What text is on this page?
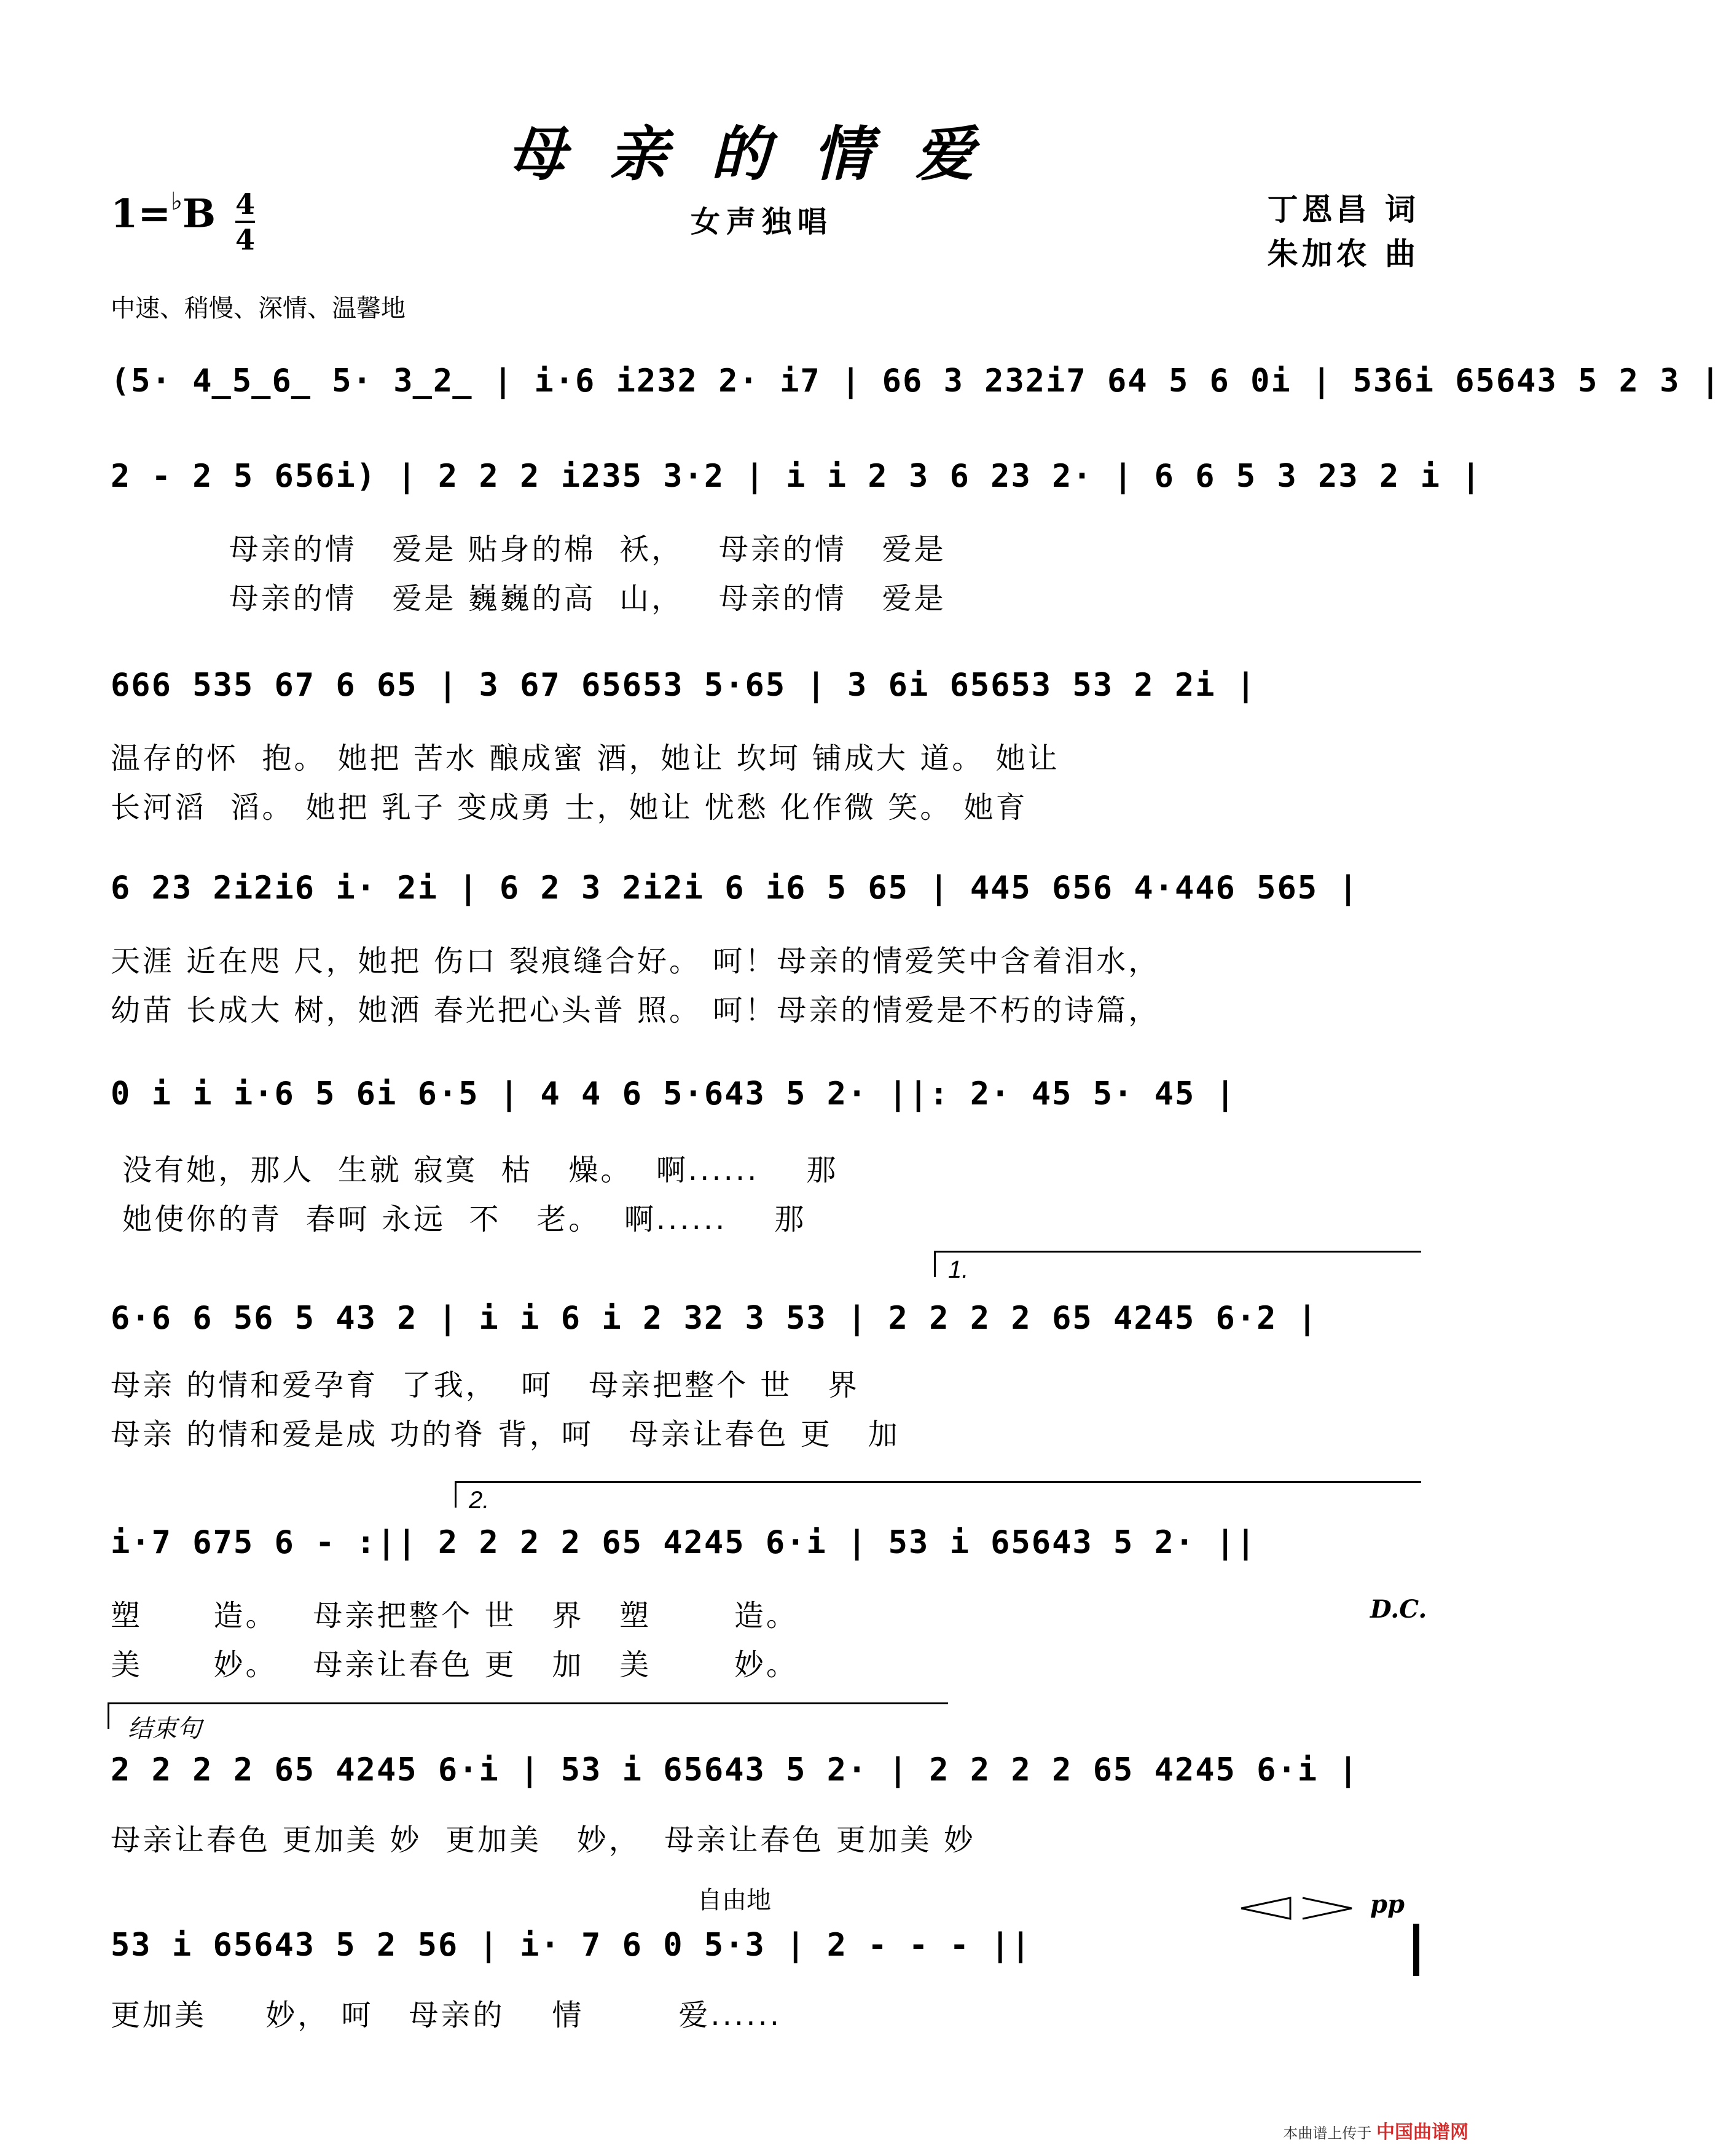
母亲的情爱
女声独唱	丁恩昌 词
朱加农 曲
1=♭B 4
4
中速、稍慢、深情、温馨地
(5· 4̲5̲6̲ 5· 3̲2̲ | i·6 i232 2· i7 | 66 3 232i7 64 5 6 0i | 536i 65643 5 2 3 |
2 - 2 5 656i) | 2 2 2 i235 3·2 | i i 2 3 6 23 2· | 6 6 5 3 23 2 i |
母亲的情   爱是 贴身的棉  袄，   母亲的情   爱是
母亲的情   爱是 巍巍的高  山，   母亲的情   爱是
666 535 67 6 65 | 3 67 65653 5·65 | 3 6i 65653 53 2 2i |
温存的怀  抱。 她把 苦水 酿成蜜 酒，她让 坎坷 铺成大 道。 她让
长河滔  滔。 她把 乳子 变成勇 士，她让 忧愁 化作微 笑。 她育
6 23 2i2i6 i· 2i | 6 2 3 2i2i 6 i6 5 65 | 445 656 4·446 565 |
天涯 近在咫 尺，她把 伤口 裂痕缝合好。 呵！母亲的情爱笑中含着泪水，
幼苗 长成大 树，她洒 春光把心头普 照。 呵！母亲的情爱是不朽的诗篇，
0 i i i·6 5 6i 6·5 | 4 4 6 5·643 5 2· ||: 2· 45 5· 45 |
没有她，那人  生就 寂寞  枯   燥。  啊......    那
她使你的青  春呵 永远  不   老。  啊......    那
1.
6·6 6 56 5 43 2 | i i 6 i 2 32 3 53 | 2 2 2 2 65 4245 6·2 |
母亲 的情和爱孕育  了我，  呵   母亲把整个 世   界
母亲 的情和爱是成 功的脊 背，呵   母亲让春色 更   加
2.
i·7 675 6 - :|| 2 2 2 2 65 4245 6·i | 53 i 65643 5 2· ||
塑      造。   母亲把整个 世   界   塑       造。
美      妙。   母亲让春色 更   加   美       妙。
D.C.
结束句
2 2 2 2 65 4245 6·i | 53 i 65643 5 2· | 2 2 2 2 65 4245 6·i |
母亲让春色 更加美 妙  更加美   妙，  母亲让春色 更加美 妙
自由地
53 i 65643 5 2 56 | i· 7 6 0 5·3 | 2 - - - ||
更加美     妙， 呵   母亲的    情        爱......
pp
本曲谱上传于 中国曲谱网
